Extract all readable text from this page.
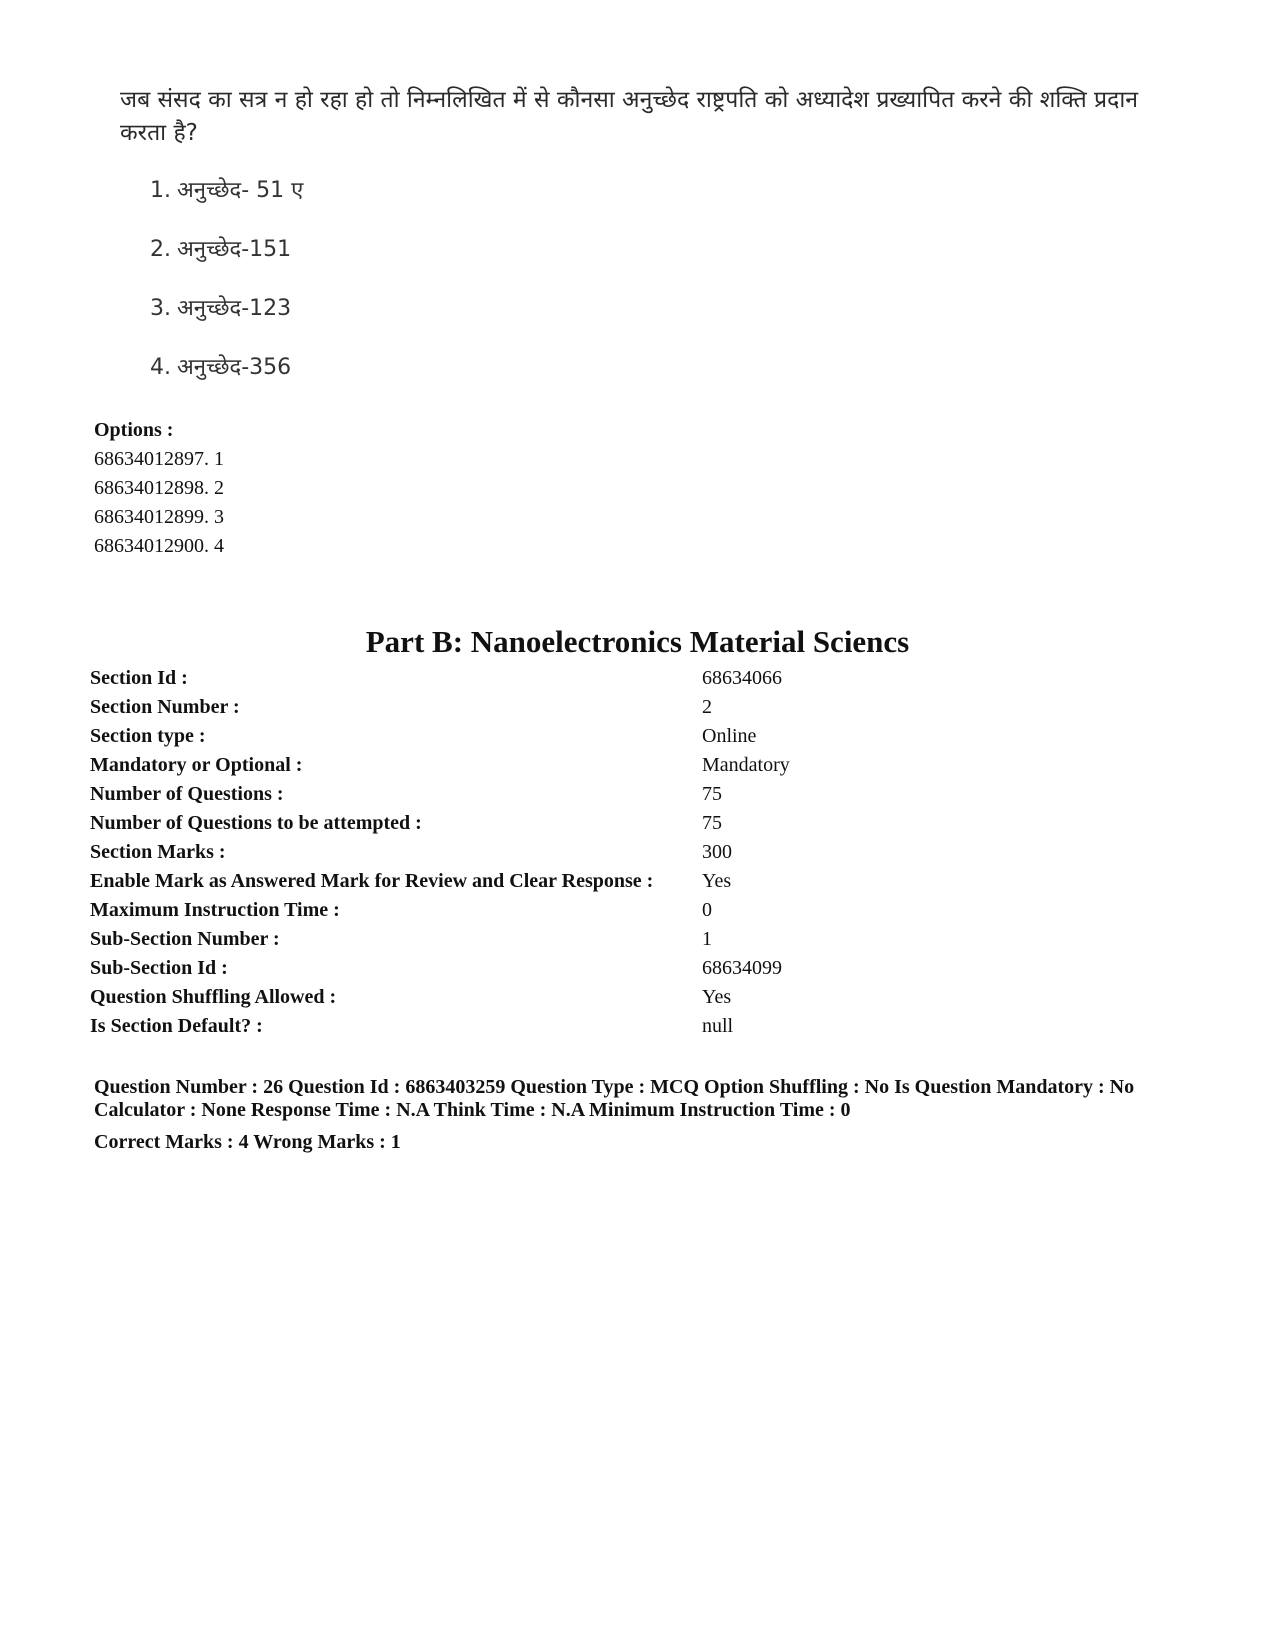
जब संसद का सत्र न हो रहा हो तो निम्नलिखित में से कौनसा अनुच्छेद राष्ट्रपति को अध्यादेश प्रख्यापित करने की शक्ति प्रदान करता है?
1. अनुच्छेद- 51 ए
2. अनुच्छेद-151
3. अनुच्छेद-123
4. अनुच्छेद-356
Options :
68634012897. 1
68634012898. 2
68634012899. 3
68634012900. 4
Part B: Nanoelectronics Material Sciencs
Section Id :	68634066
Section Number :	2
Section type :	Online
Mandatory or Optional :	Mandatory
Number of Questions :	75
Number of Questions to be attempted :	75
Section Marks :	300
Enable Mark as Answered Mark for Review and Clear Response :	Yes
Maximum Instruction Time :	0
Sub-Section Number :	1
Sub-Section Id :	68634099
Question Shuffling Allowed :	Yes
Is Section Default? :	null
Question Number : 26 Question Id : 6863403259 Question Type : MCQ Option Shuffling : No Is Question Mandatory : No Calculator : None Response Time : N.A Think Time : N.A Minimum Instruction Time : 0
Correct Marks : 4 Wrong Marks : 1
